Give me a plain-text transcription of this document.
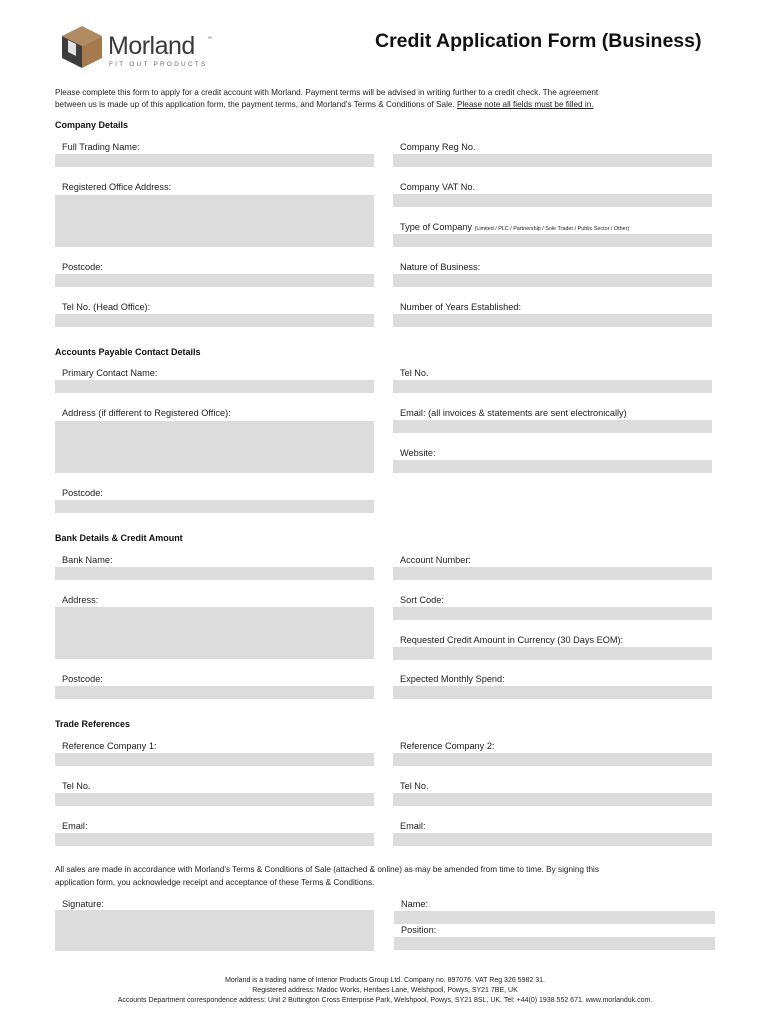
Morland ™
FIT OUT PRODUCTS
Credit Application Form (Business)
Please complete this form to apply for a credit account with Morland. Payment terms will be advised in writing further to a credit check. The agreement
between us is made up of this application form, the payment terms, and Morland’s Terms & Conditions of Sale. Please note all fields must be filled in.
Company Details
Full Trading Name:	Company Reg No.
Registered Office Address:	Company VAT No.
Type of Company (Limited / PLC / Partnership / Sole Trader / Public Sector / Other)
Postcode:	Nature of Business:
Tel No. (Head Office):	Number of Years Established:
Accounts Payable Contact Details
Primary Contact Name:	Tel No.
Address (if different to Registered Office):	Email: (all invoices & statements are sent electronically)
Website:
Postcode:
Bank Details & Credit Amount
Bank Name:	Account Number:
Address:	Sort Code:
Requested Credit Amount in Currency (30 Days EOM):
Postcode:	Expected Monthly Spend:
Trade References
Reference Company 1:	Reference Company 2:
Tel No.	Tel No.
Email:	Email:
All sales are made in accordance with Morland’s Terms & Conditions of Sale (attached & online) as may be amended from time to time. By signing this
application form, you acknowledge receipt and acceptance of these Terms & Conditions.
Signature:	Name:
Position:
Morland is a trading name of Interior Products Group Ltd. Company no. 897076. VAT Reg 326 5982 31.
Registered address: Madoc Works, Henfaes Lane, Welshpool, Powys, SY21 7BE, UK
Accounts Department correspondence address: Unit 2 Buttington Cross Enterprise Park, Welshpool, Powys, SY21 8SL, UK. Tel: +44(0) 1938 552 671. www.morlanduk.com.
